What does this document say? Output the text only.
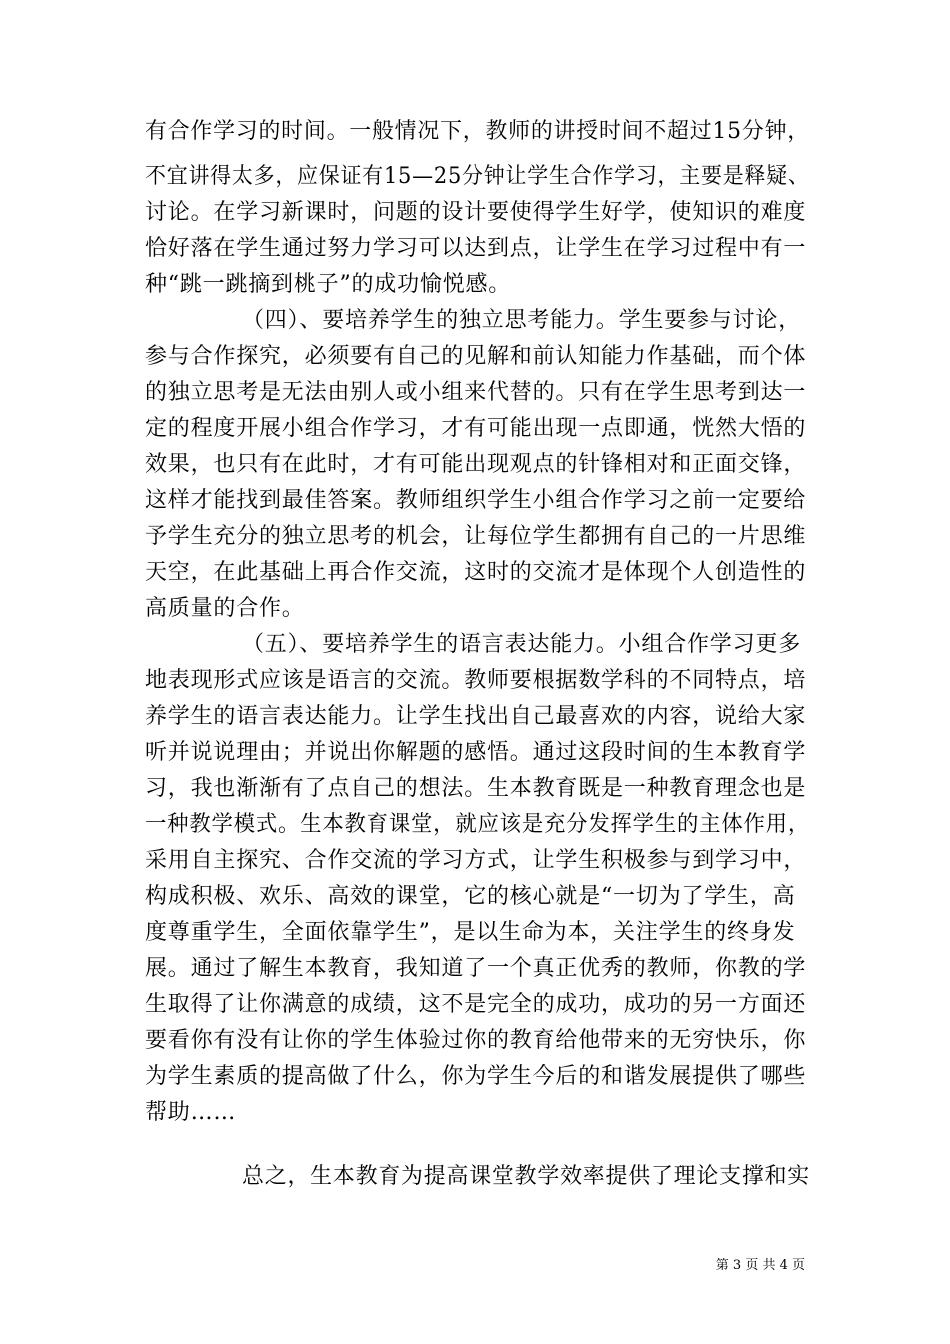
有合作学习的时间。一般情况下，教师的讲授时间不超过15分钟，
不宜讲得太多，应保证有15—25分钟让学生合作学习，主要是释疑、
讨论。在学习新课时，问题的设计要使得学生好学，使知识的难度
恰好落在学生通过努力学习可以达到点，让学生在学习过程中有一
种“跳一跳摘到桃子”的成功愉悦感。
（四）、要培养学生的独立思考能力。学生要参与讨论，
参与合作探究，必须要有自己的见解和前认知能力作基础，而个体
的独立思考是无法由别人或小组来代替的。只有在学生思考到达一
定的程度开展小组合作学习，才有可能出现一点即通，恍然大悟的
效果，也只有在此时，才有可能出现观点的针锋相对和正面交锋，
这样才能找到最佳答案。教师组织学生小组合作学习之前一定要给
予学生充分的独立思考的机会，让每位学生都拥有自己的一片思维
天空，在此基础上再合作交流，这时的交流才是体现个人创造性的
高质量的合作。
（五）、要培养学生的语言表达能力。小组合作学习更多
地表现形式应该是语言的交流。教师要根据数学科的不同特点，培
养学生的语言表达能力。让学生找出自己最喜欢的内容，说给大家
听并说说理由；并说出你解题的感悟。通过这段时间的生本教育学
习，我也渐渐有了点自己的想法。生本教育既是一种教育理念也是
一种教学模式。生本教育课堂，就应该是充分发挥学生的主体作用，
采用自主探究、合作交流的学习方式，让学生积极参与到学习中，
构成积极、欢乐、高效的课堂，它的核心就是“一切为了学生，高
度尊重学生，全面依靠学生”，是以生命为本，关注学生的终身发
展。通过了解生本教育，我知道了一个真正优秀的教师，你教的学
生取得了让你满意的成绩，这不是完全的成功，成功的另一方面还
要看你有没有让你的学生体验过你的教育给他带来的无穷快乐，你
为学生素质的提高做了什么，你为学生今后的和谐发展提供了哪些
帮助……
总之，生本教育为提高课堂教学效率提供了理论支撑和实
第 3 页 共 4 页
